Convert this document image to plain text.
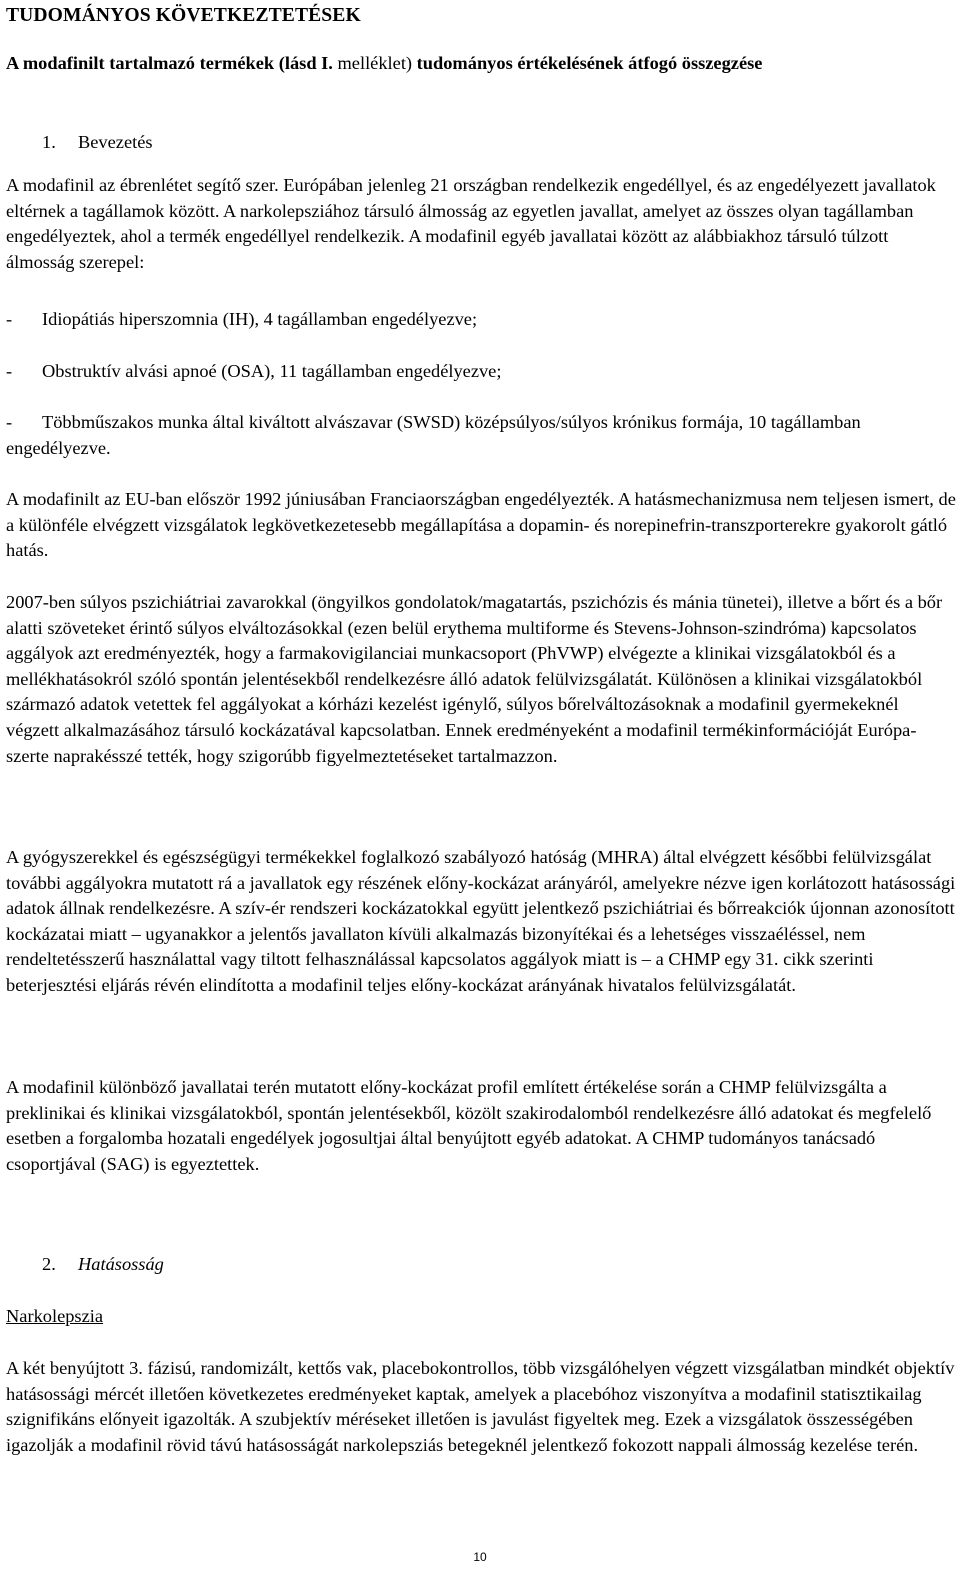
TUDOMÁNYOS KÖVETKEZTETÉSEK
A modafinilt tartalmazó termékek (lásd I. melléklet) tudományos értékelésének átfogó összegzése
1. Bevezetés

A modafinil az ébrenlétet segítő szer. Európában jelenleg 21 országban rendelkezik engedéllyel, és az engedélyezett javallatok eltérnek a tagállamok között. A narkolepsziához társuló álmosság az egyetlen javallat, amelyet az összes olyan tagállamban engedélyeztek, ahol a termék engedéllyel rendelkezik. A modafinil egyéb javallatai között az alábbiakhoz társuló túlzott álmosság szerepel:

- Idiopátiás hiperszomnia (IH), 4 tagállamban engedélyezve;
- Obstruktív alvási apnoé (OSA), 11 tagállamban engedélyezve;
- Többműszakos munka által kiváltott alvászavar (SWSD) középsúlyos/súlyos krónikus formája, 10 tagállamban engedélyezve.

A modafinilt az EU-ban először 1992 júniusában Franciaországban engedélyezték. A hatásmechanizmusa nem teljesen ismert, de a különféle elvégzett vizsgálatok legkövetkezetesebb megállapítása a dopamin- és norepinefrin-transzporterekre gyakorolt gátló hatás.

2007-ben súlyos pszichiátriai zavarokkal (öngyilkos gondolatok/magatartás, pszichózis és mánia tünetei), illetve a bőrt és a bőr alatti szöveteket érintő súlyos elváltozásokkal (ezen belül erythema multiforme és Stevens-Johnson-szindróma) kapcsolatos aggályok azt eredményezték, hogy a farmakovigilanciai munkacsoport (PhVWP) elvégezte a klinikai vizsgálatokból és a mellékhatásokról szóló spontán jelentésekből rendelkezésre álló adatok felülvizsgálatát. Különösen a klinikai vizsgálatokból származó adatok vetettek fel aggályokat a kórházi kezelést igénylő, súlyos bőrelváltozásoknak a modafinil gyermekeknél végzett alkalmazásához társuló kockázatával kapcsolatban. Ennek eredményeként a modafinil termékinformációját Európa-szerte naprakésszé tették, hogy szigorúbb figyelmeztetéseket tartalmazzon.

A gyógyszerekkel és egészségügyi termékekkel foglalkozó szabályozó hatóság (MHRA) által elvégzett későbbi felülvizsgálat további aggályokra mutatott rá a javallatok egy részének előny-kockázat arányáról, amelyekre nézve igen korlátozott hatásossági adatok állnak rendelkezésre. A szív-ér rendszeri kockázatokkal együtt jelentkező pszichiátriai és bőrreakciók újonnan azonosított kockázatai miatt – ugyanakkor a jelentős javallaton kívüli alkalmazás bizonyítékai és a lehetséges visszaéléssel, nem rendeltetésszerű használattal vagy tiltott felhasználással kapcsolatos aggályok miatt is – a CHMP egy 31. cikk szerinti beterjesztési eljárás révén elindította a modafinil teljes előny-kockázat arányának hivatalos felülvizsgálatát.

A modafinil különböző javallatai terén mutatott előny-kockázat profil említett értékelése során a CHMP felülvizsgálta a preklinikai és klinikai vizsgálatokból, spontán jelentésekből, közölt szakirodalomból rendelkezésre álló adatokat és megfelelő esetben a forgalomba hozatali engedélyek jogosultjai által benyújtott egyéb adatokat. A CHMP tudományos tanácsadó csoportjával (SAG) is egyeztettek.

2. Hatásosság
Narkolepszia

A két benyújtott 3. fázisú, randomizált, kettős vak, placebokontrollos, több vizsgálóhelyen végzett vizsgálatban mindkét objektív hatásossági mércét illetően következetes eredményeket kaptak, amelyek a placebóhoz viszonyítva a modafinil statisztikailag szignifikáns előnyeit igazolták. A szubjektív méréseket illetően is javulást figyeltek meg. Ezek a vizsgálatok összességében igazolják a modafinil rövid távú hatásosságát narkolepsziás betegeknél jelentkező fokozott nappali álmosság kezelése terén.

10
